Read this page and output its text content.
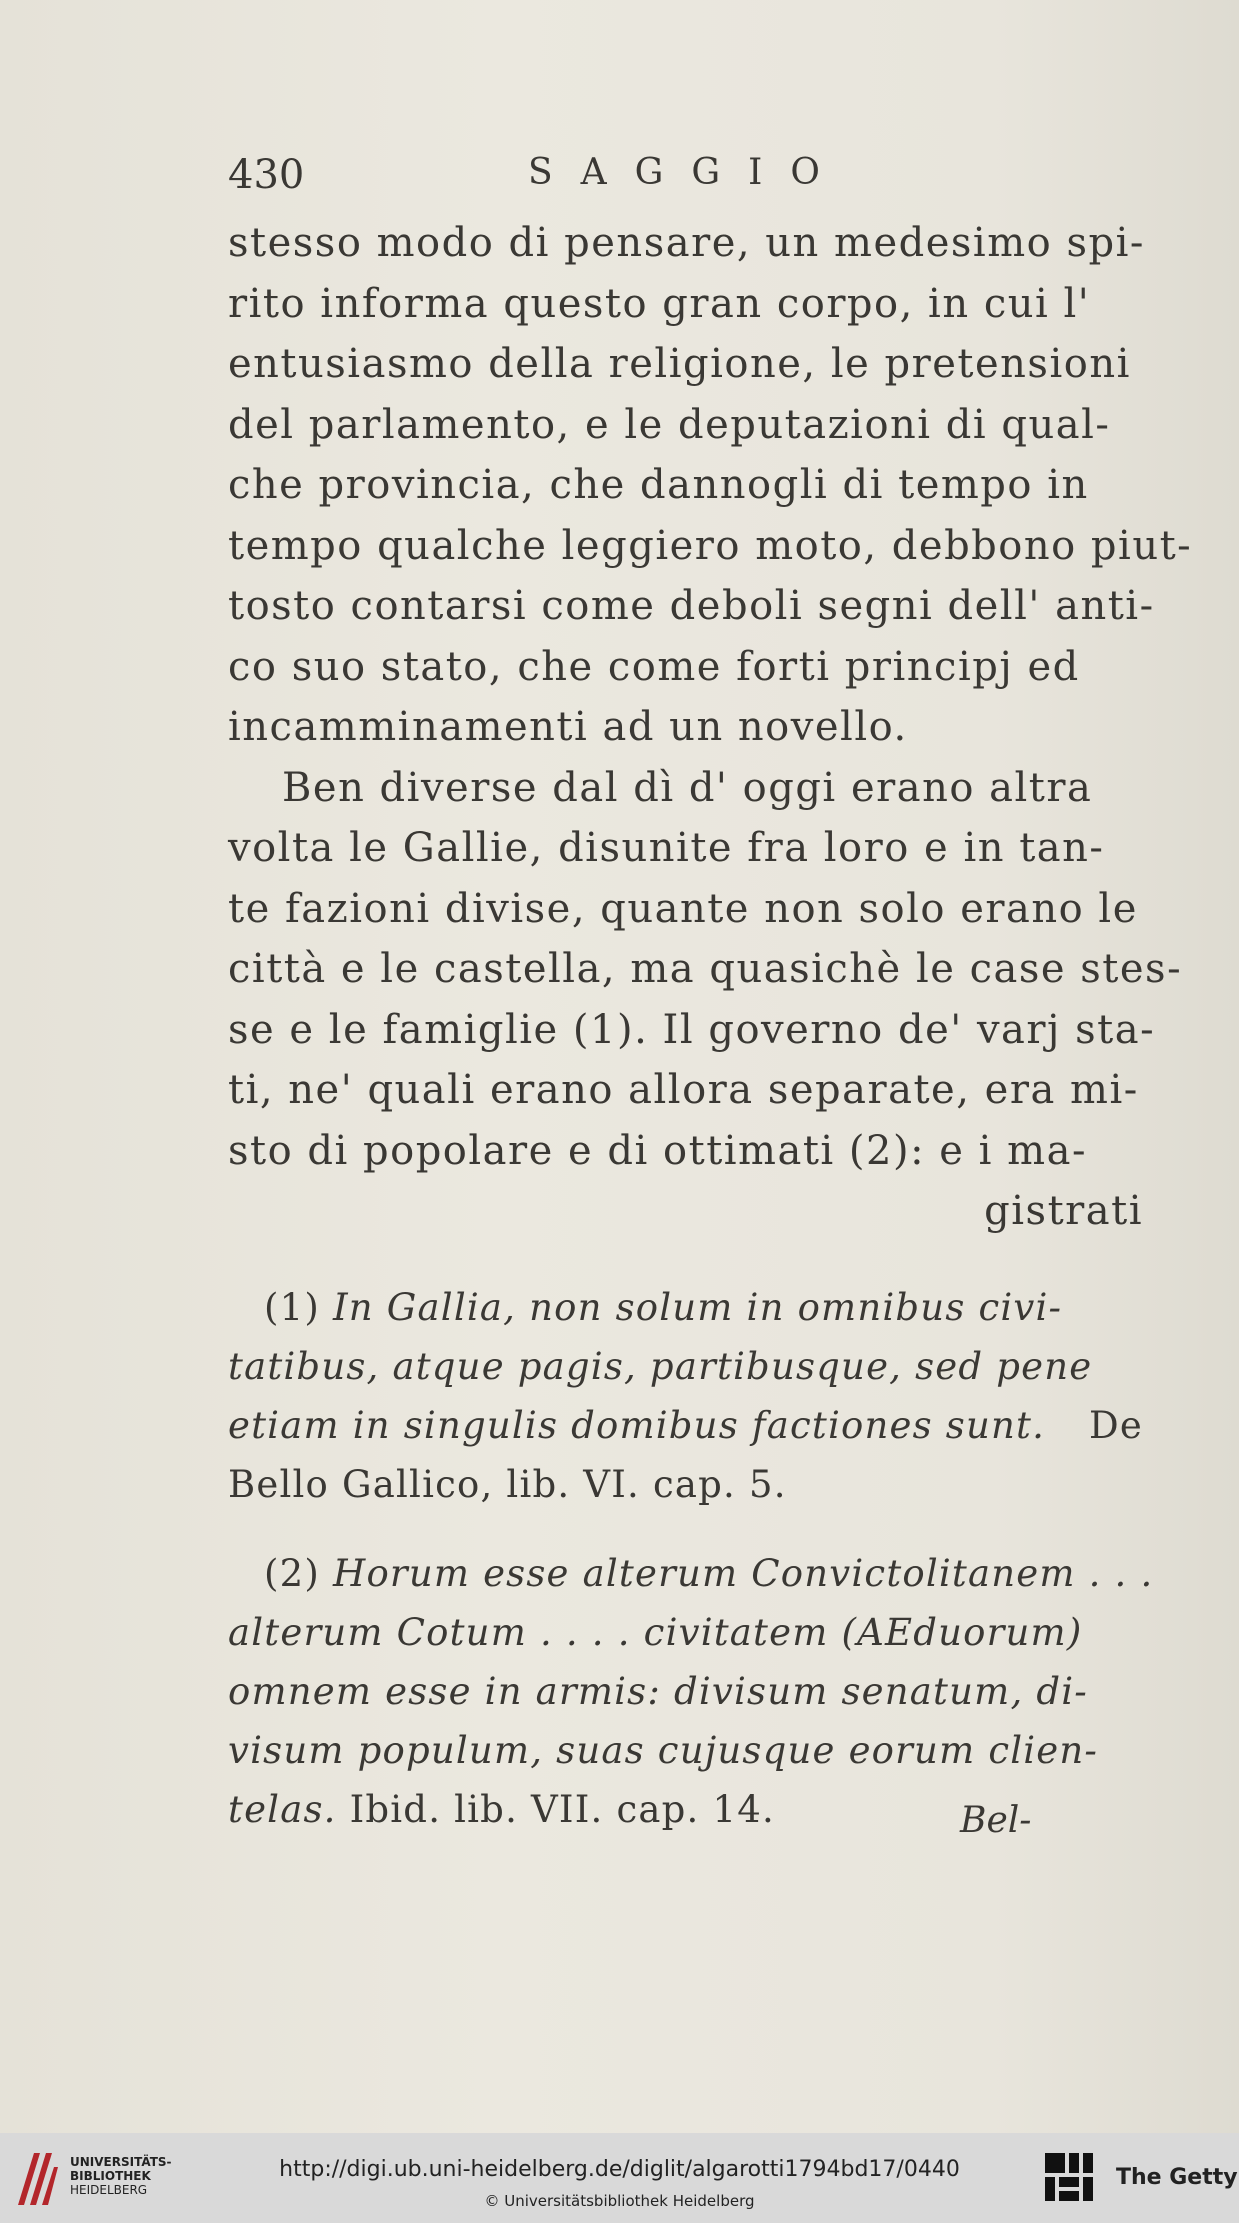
430	SAGGIO
stesso modo di pensare, un medesimo spi-
rito informa questo gran corpo, in cui l'
entusiasmo della religione, le pretensioni
del parlamento, e le deputazioni di qual-
che provincia, che dannogli di tempo in
tempo qualche leggiero moto, debbono piut-
tosto contarsi come deboli segni dell' anti-
co suo stato, che come forti principj ed
incamminamenti ad un novello.
Ben diverse dal dì d' oggi erano altra
volta le Gallie, disunite fra loro e in tan-
te fazioni divise, quante non solo erano le
città e le castella, ma quasichè le case stes-
se e le famiglie (1). Il governo de' varj sta-
ti, ne' quali erano allora separate, era mi-
sto di popolare e di ottimati (2): e i ma-
gistrati
(1) In Gallia, non solum in omnibus civi-
tatibus, atque pagis, partibusque, sed pene
etiam in singulis domibus factiones sunt. De
Bello Gallico, lib. VI. cap. 5.
(2) Horum esse alterum Convictolitanem . . .
alterum Cotum . . . . civitatem (AEduorum)
omnem esse in armis: divisum senatum, di-
visum populum, suas cujusque eorum clien-
telas.
Ibid. lib. VII. cap. 14.	Bel-
UNIVERSITÄTS-
BIBLIOTHEK
HEIDELBERG
http://digi.ub.uni-heidelberg.de/diglit/algarotti1794bd17/0440
© Universitätsbibliothek Heidelberg
The Getty
